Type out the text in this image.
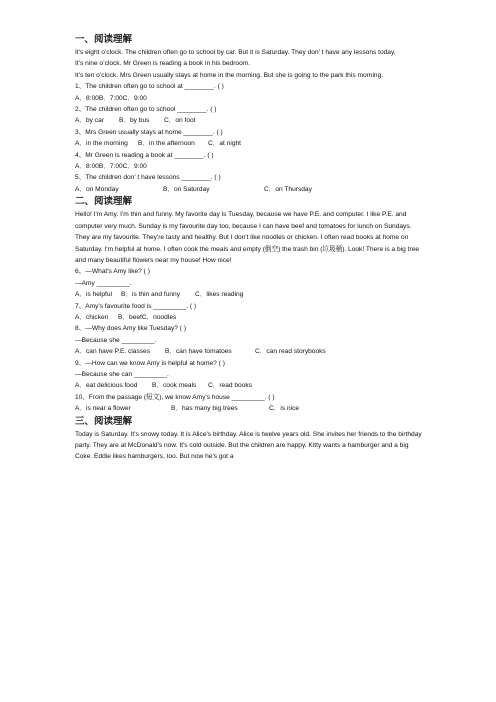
一、阅读理解

It’s eight o’clock. The children often go to school by car. But it is Saturday. They don’ t have any lessons today.

It’s nine o’clock. Mr Green is reading a book in his bedroom.

It’s ten o’clock. Mrs Green usually stays at home in the morning. But she is going to the park this morning.

1、The children often go to school at ________. ( )

A．8:00B．7:00C．9:00

2、The children often go to school ________. ( )

A．by car	B．by bus	C．on foot

3、Mrs Green usually stays at home ________. ( )

A．in the morning	B．in the afternoon	C．at night

4、Mr Green is reading a book at ________. ( )

A．8:00B．7:00C．9:00

5、The children don’ t have lessons ________. ( )

A．on Monday	B．on Saturday	C．on Thursday

二、阅读理解

Hello! I'm Amy. I'm thin and funny. My favorite day is Tuesday, because we have P.E. and computer. I like P.E. and computer very much. Sunday is my favourite day too, because I can have beef and tomatoes for lunch on Sundays. They are my favourite. They're tasty and healthy. But I don't like noodles or chicken. I often read books at home on Saturday. I'm helpful at home. I often cook the meals and empty (倒空) the trash bin (垃圾桶). Look! There is a big tree and many beautiful flowers near my house! How nice!

6、—What's Amy like? ( )

—Amy _________.

A．is helpful	B．is thin and funny	C．likes reading

7、Amy's favourite food is _________. ( )

A．chicken	B．beefC．noodles

8、—Why does Amy like Tuesday? ( )

—Because she _________.

A．can have P.E. classes	B．can have tomatoes	C．can read storybooks

9、—How can we know Amy is helpful at home? ( )

—Because she can _________.

A．eat delicious food	B．cook meals	C．read books

10、From the passage (短文), we know Amy's house _________. ( )

A．is near a flower	B．has many big trees	C．is nice

三、阅读理解

Today is Saturday. It's snowy today. It is Alice's birthday. Alice is twelve years old. She invites her friends to the birthday party. They are at McDonald's now. It's cold outside. But the children are happy. Kitty wants a hamburger and a big Coke. Eddie likes hamburgers, too. But now he's got a
